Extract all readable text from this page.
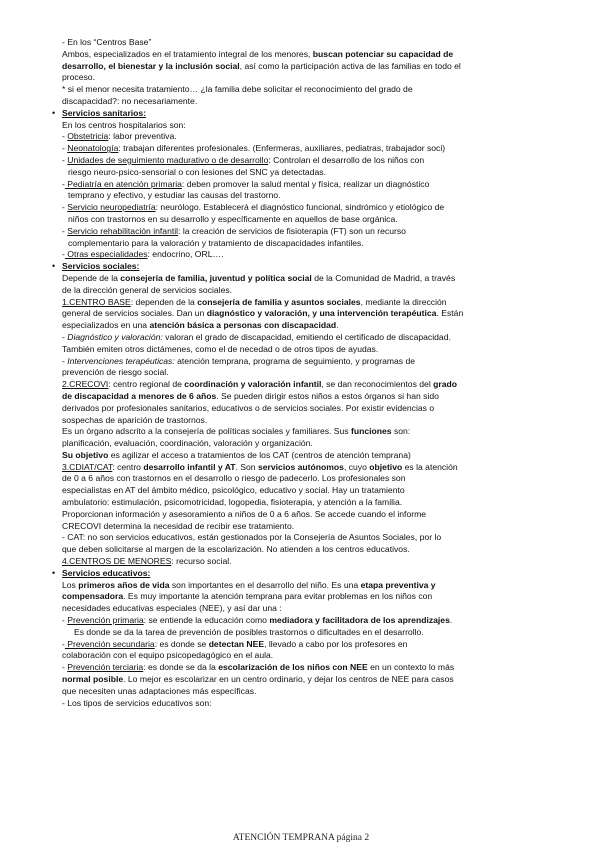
- En los “Centros Base”
Ambos, especializados en el tratamiento integral de los menores, buscan potenciar su capacidad de
desarrollo, el bienestar y la inclusión social, así como la participación activa de las familias en todo el
proceso.
* si el menor necesita tratamiento… ¿la familia debe solicitar el reconocimiento del grado de
discapacidad?: no necesariamente.
• Servicios sanitarios:
En los centros hospitalarios son:
- Obstetricia: labor preventiva.
- Neonatología: trabajan diferentes profesionales. (Enfermeras, auxiliares, pediatras, trabajador soci)
- Unidades de seguimiento madurativo o de desarrollo: Controlan el desarrollo de los niños con
riesgo neuro-psico-sensorial o con lesiones del SNC ya detectadas.
- Pediatría en atención primaria: deben promover la salud mental y física, realizar un diagnóstico
temprano y efectivo, y estudiar las causas del trastorno.
- Servicio neuropediatría: neurólogo. Establecerá el diagnóstico funcional, sindrómico y etiológico de
niños con trastornos en su desarrollo y específicamente en aquellos de base orgánica.
- Servicio rehabilitación infantil: la creación de servicios de fisioterapia (FT) son un recurso
complementario para la valoración y tratamiento de discapacidades infantiles.
- Otras especialidades: endocrino, ORL….
• Servicios sociales:
Depende de la consejería de familia, juventud y política social de la Comunidad de Madrid, a través
de la dirección general de servicios sociales.
1.CENTRO BASE: dependen de la consejería de familia y asuntos sociales, mediante la dirección
general de servicios sociales. Dan un diagnóstico y valoración, y una intervención terapéutica. Están
especializados en una atención básica a personas con discapacidad.
- Diagnóstico y valoración: valoran el grado de discapacidad, emitiendo el certificado de discapacidad.
También emiten otros dictámenes, como el de necedad o de otros tipos de ayudas.
- Intervenciones terapéuticas: atención temprana, programa de seguimiento, y programas de
prevención de riesgo social.
2.CRECOVI: centro regional de coordinación y valoración infantil, se dan reconocimientos del grado
de discapacidad a menores de 6 años. Se pueden dirigir estos niños a estos órganos si han sido
derivados por profesionales sanitarios, educativos o de servicios sociales. Por existir evidencias o
sospechas de aparición de trastornos.
Es un órgano adscrito a la consejería de políticas sociales y familiares. Sus funciones son:
planificación, evaluación, coordinación, valoración y organización.
Su objetivo es agilizar el acceso a tratamientos de los CAT (centros de atención temprana)
3.CDIAT/CAT: centro desarrollo infantil y AT. Son servicios autónomos, cuyo objetivo es la atención
de 0 a 6 años con trastornos en el desarrollo o riesgo de padecerlo. Los profesionales son
especialistas en AT del ámbito médico, psicológico, educativo y social. Hay un tratamiento
ambulatorio: estimulación, psicomotricidad, logopedia, fisioterapia, y atención a la familia.
Proporcionan información y asesoramiento a niños de 0 a 6 años. Se accede cuando el informe
CRECOVI determina la necesidad de recibir ese tratamiento.
- CAT: no son servicios educativos, están gestionados por la Consejería de Asuntos Sociales, por lo
que deben solicitarse al margen de la escolarización. No atienden a los centros educativos.
4.CENTROS DE MENORES: recurso social.
• Servicios educativos:
Los primeros años de vida son importantes en el desarrollo del niño. Es una etapa preventiva y
compensadora. Es muy importante la atención temprana para evitar problemas en los niños con
necesidades educativas especiales (NEE), y así dar una :
- Prevención primaria: se entiende la educación como mediadora y facilitadora de los aprendizajes.
Es donde se da la tarea de prevención de posibles trastornos o dificultades en el desarrollo.
- Prevención secundaria: es donde se detectan NEE, llevado a cabo por los profesores en
colaboración con el equipo psicopedagógico en el aula.
- Prevención terciaria: es donde se da la escolarización de los niños con NEE en un contexto lo más
normal posible. Lo mejor es escolarizar en un centro ordinario, y dejar los centros de NEE para casos
que necesiten unas adaptaciones más específicas.
- Los tipos de servicios educativos son:
ATENCIÓN TEMPRANA página 2
